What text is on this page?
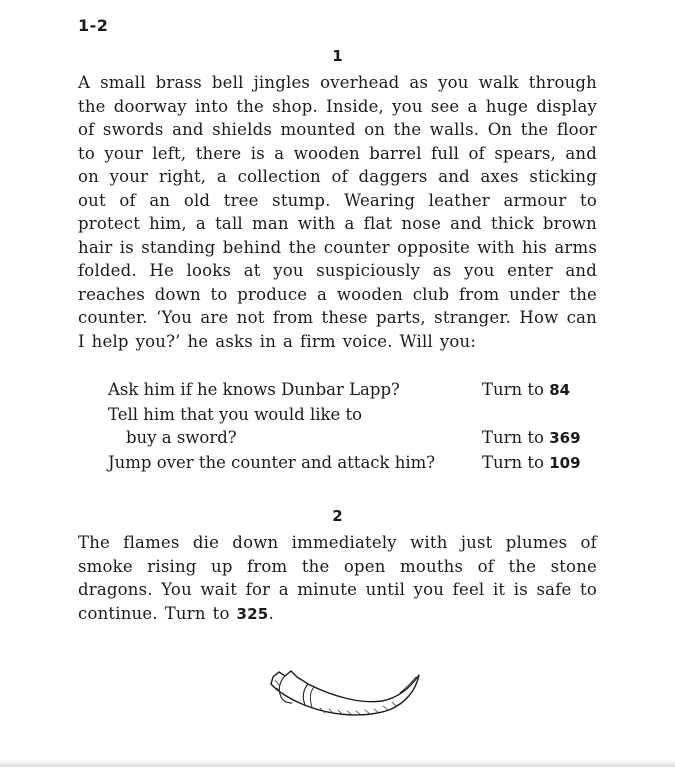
1-2
1

A small brass bell jingles overhead as you walk through the doorway into the shop. Inside, you see a huge display of swords and shields mounted on the walls. On the floor to your left, there is a wooden barrel full of spears, and on your right, a collection of daggers and axes sticking out of an old tree stump. Wearing leather armour to protect him, a tall man with a flat nose and thick brown hair is standing behind the counter opposite with his arms folded. He looks at you suspiciously as you enter and reaches down to produce a wooden club from under the counter. ‘You are not from these parts, stranger. How can I help you?’ he asks in a firm voice. Will you:

Ask him if he knows Dunbar Lapp?	Turn to 84
Tell him that you would like to
buy a sword?	Turn to 369
Jump over the counter and attack him?	Turn to 109
2

The flames die down immediately with just plumes of smoke rising up from the open mouths of the stone dragons. You wait for a minute until you feel it is safe to continue. Turn to 325.
